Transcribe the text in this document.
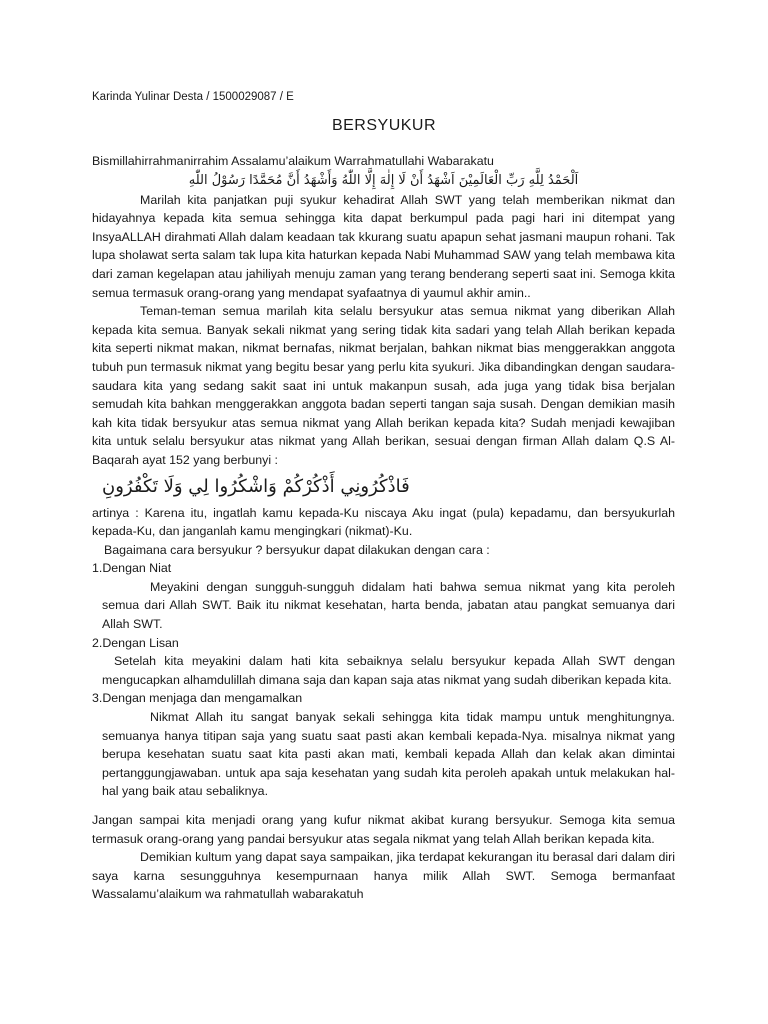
Karinda Yulinar Desta / 1500029087 / E
BERSYUKUR

Bismillahirrahmanirrahim Assalamu’alaikum Warrahmatullahi Wabarakatu

اَلْحَمْدُ لِلَّهِ رَبِّ الْعَالَمِيْنَ اَشْهَدُ أَنْ لَا إِلٰهَ إِلَّا اللّٰهُ وَأَشْهَدُ أَنَّ مُحَمَّدًا رَسُوْلُ اللّٰهِ

Marilah kita panjatkan puji syukur kehadirat Allah SWT yang telah memberikan nikmat dan hidayahnya kepada kita semua sehingga kita dapat berkumpul pada pagi hari ini ditempat yang InsyaALLAH dirahmati Allah dalam keadaan tak kkurang suatu apapun sehat jasmani maupun rohani. Tak lupa sholawat serta salam tak lupa kita haturkan kepada Nabi Muhammad SAW yang telah membawa kita dari zaman kegelapan atau jahiliyah menuju zaman yang terang benderang seperti saat ini. Semoga kkita semua termasuk orang-orang yang mendapat syafaatnya di yaumul akhir amin..

Teman-teman semua marilah kita selalu bersyukur atas semua nikmat yang diberikan Allah kepada kita semua. Banyak sekali nikmat yang sering tidak kita sadari yang telah Allah berikan kepada kita seperti nikmat makan, nikmat bernafas, nikmat berjalan, bahkan nikmat bias menggerakkan anggota tubuh pun termasuk nikmat yang begitu besar yang perlu kita syukuri. Jika dibandingkan dengan saudara-saudara kita yang sedang sakit saat ini untuk makanpun susah, ada juga yang tidak bisa berjalan semudah kita bahkan menggerakkan anggota badan seperti tangan saja susah. Dengan demikian masih kah kita tidak bersyukur atas semua nikmat yang Allah berikan kepada kita? Sudah menjadi kewajiban kita untuk selalu bersyukur atas nikmat yang Allah berikan, sesuai dengan firman Allah dalam Q.S Al-Baqarah ayat 152 yang berbunyi :

فَاذْكُرُونِي أَذْكُرْكُمْ وَاشْكُرُوا لِي وَلَا تَكْفُرُونِ

artinya : Karena itu, ingatlah kamu kepada-Ku niscaya Aku ingat (pula) kepadamu, dan bersyukurlah kepada-Ku, dan janganlah kamu mengingkari (nikmat)-Ku.

Bagaimana cara bersyukur ? bersyukur dapat dilakukan dengan cara :

1.Dengan Niat

Meyakini dengan sungguh-sungguh didalam hati bahwa semua nikmat yang kita peroleh semua dari Allah SWT. Baik itu nikmat kesehatan, harta benda, jabatan atau pangkat semuanya dari Allah SWT.

2.Dengan Lisan

Setelah kita meyakini dalam hati kita sebaiknya selalu bersyukur kepada Allah SWT dengan mengucapkan alhamdulillah dimana saja dan kapan saja atas nikmat yang sudah diberikan kepada kita.

3.Dengan menjaga dan mengamalkan

Nikmat Allah itu sangat banyak sekali sehingga kita tidak mampu untuk menghitungnya. semuanya hanya titipan saja yang suatu saat pasti akan kembali kepada-Nya. misalnya nikmat yang berupa kesehatan suatu saat kita pasti akan mati, kembali kepada Allah dan kelak akan dimintai pertanggungjawaban. untuk apa saja kesehatan yang sudah kita peroleh apakah untuk melakukan hal-hal yang baik atau sebaliknya.

Jangan sampai kita menjadi orang yang kufur nikmat akibat kurang bersyukur. Semoga kita semua termasuk orang-orang yang pandai bersyukur atas segala nikmat yang telah Allah berikan kepada kita.

Demikian kultum yang dapat saya sampaikan, jika terdapat kekurangan itu berasal dari dalam diri saya karna sesungguhnya kesempurnaan hanya milik Allah SWT. Semoga bermanfaat Wassalamu’alaikum wa rahmatullah wabarakatuh
